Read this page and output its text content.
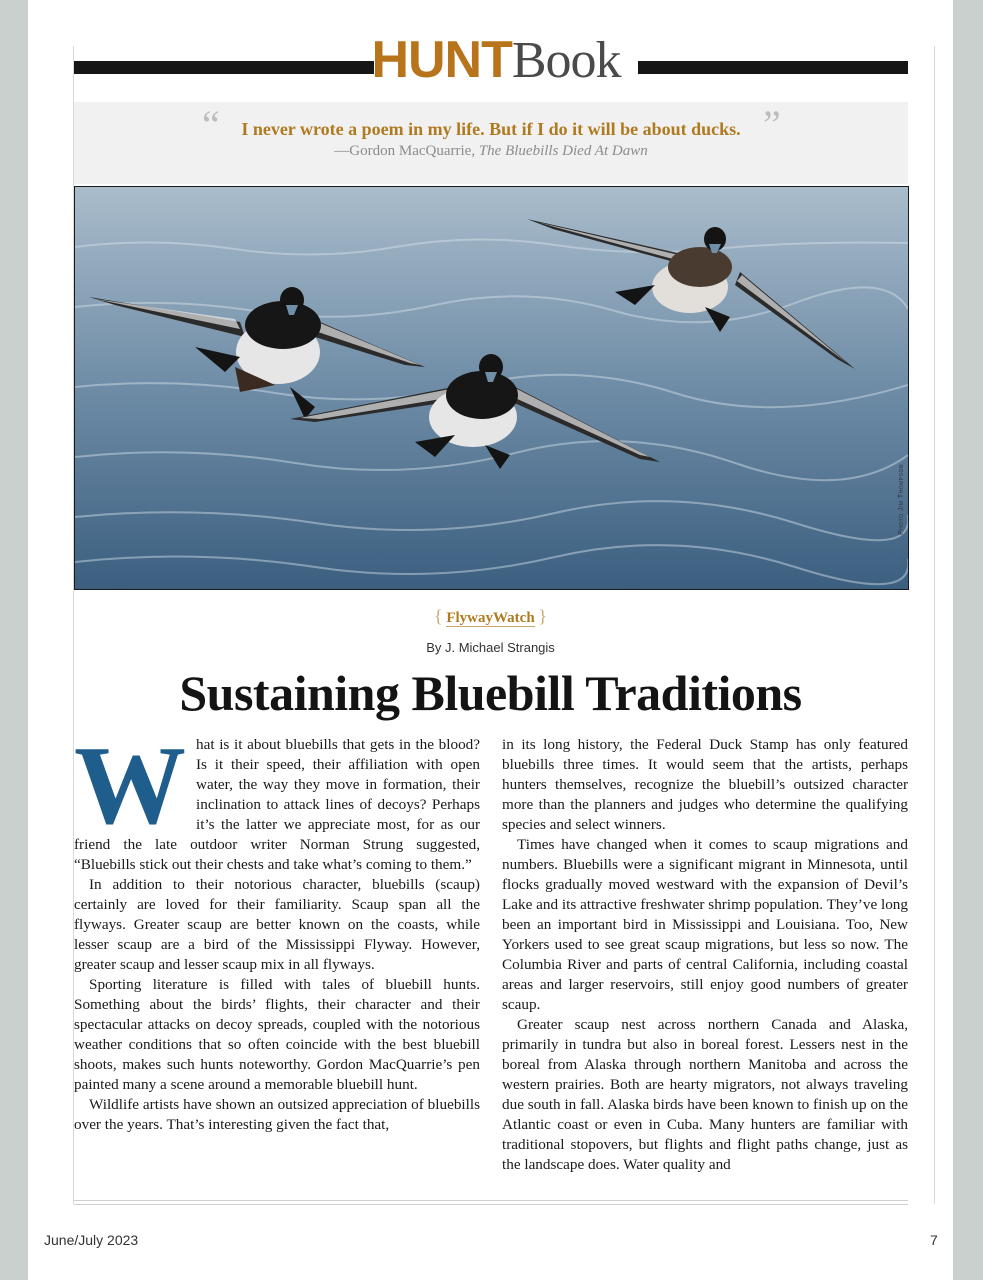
HUNTBook
“	”
I never wrote a poem in my life. But if I do it will be about ducks.
—Gordon MacQuarrie, The Bluebills Died At Dawn
Photo Jim Thompson
{ FlywayWatch }
By J. Michael Strangis
Sustaining Bluebill Traditions

What is it about bluebills that gets in the blood? Is it their speed, their affiliation with open water, the way they move in formation, their inclination to attack lines of decoys? Perhaps it’s the latter we appreciate most, for as our friend the late outdoor writer Norman Strung suggested, “Bluebills stick out their chests and take what’s coming to them.”

In addition to their notorious character, bluebills (scaup) certainly are loved for their familiarity. Scaup span all the flyways. Greater scaup are better known on the coasts, while lesser scaup are a bird of the Mississippi Flyway. However, greater scaup and lesser scaup mix in all flyways.

Sporting literature is filled with tales of bluebill hunts. Something about the birds’ flights, their character and their spectacular attacks on decoy spreads, coupled with the notorious weather conditions that so often coincide with the best bluebill shoots, makes such hunts noteworthy. Gordon MacQuarrie’s pen painted many a scene around a memorable bluebill hunt.

Wildlife artists have shown an outsized appreciation of bluebills over the years. That’s interesting given the fact that,

in its long history, the Federal Duck Stamp has only featured bluebills three times. It would seem that the artists, perhaps hunters themselves, recognize the bluebill’s outsized character more than the planners and judges who determine the qualifying species and select winners.

Times have changed when it comes to scaup migrations and numbers. Bluebills were a significant migrant in Minnesota, until flocks gradually moved westward with the expansion of Devil’s Lake and its attractive freshwater shrimp population. They’ve long been an important bird in Mississippi and Louisiana. Too, New Yorkers used to see great scaup migrations, but less so now. The Columbia River and parts of central California, including coastal areas and larger reservoirs, still enjoy good numbers of greater scaup.

Greater scaup nest across northern Canada and Alaska, primarily in tundra but also in boreal forest. Lessers nest in the boreal from Alaska through northern Manitoba and across the western prairies. Both are hearty migrators, not always traveling due south in fall. Alaska birds have been known to finish up on the Atlantic coast or even in Cuba. Many hunters are familiar with traditional stopovers, but flights and flight paths change, just as the landscape does. Water quality and

June/July 2023	7
